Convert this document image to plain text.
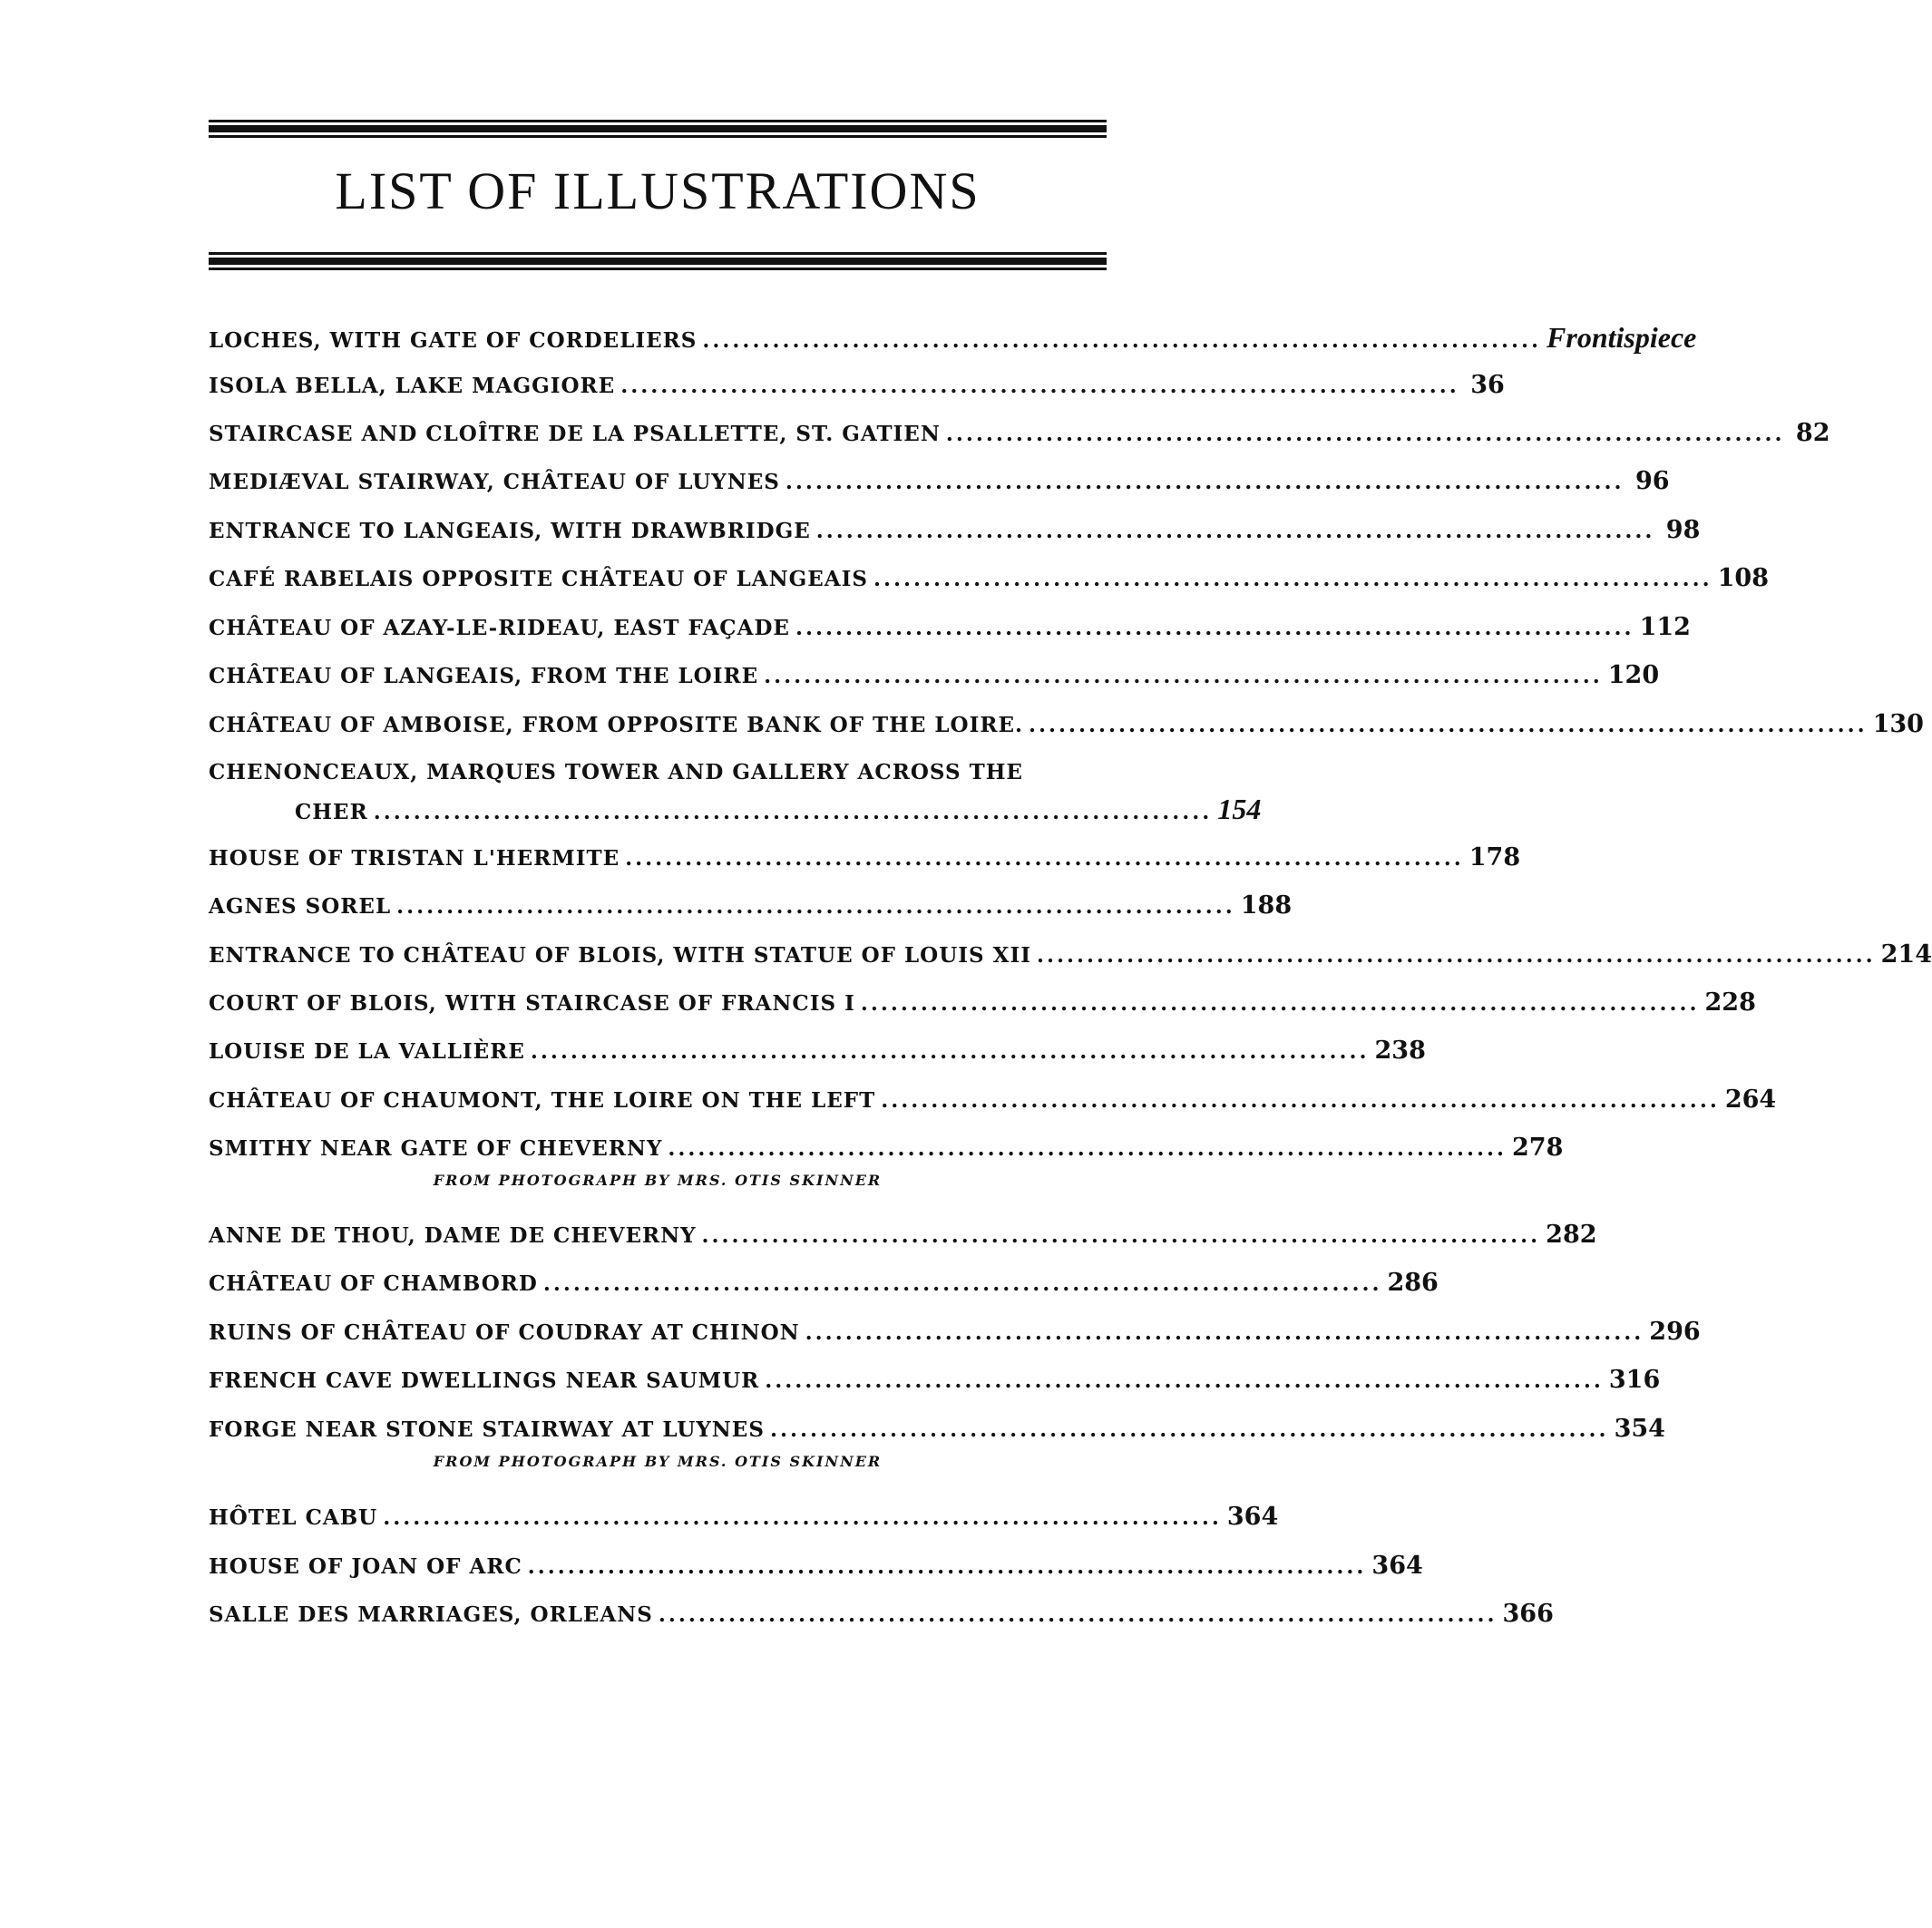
LIST OF ILLUSTRATIONS
LOCHES, WITH GATE OF CORDELIERS .................................................................................... Frontispiece
ISOLA BELLA, LAKE MAGGIORE .................................................................................... 36
STAIRCASE AND CLOÎTRE DE LA PSALLETTE, ST. GATIEN .................................................................................... 82
MEDIÆVAL STAIRWAY, CHÂTEAU OF LUYNES .................................................................................... 96
ENTRANCE TO LANGEAIS, WITH DRAWBRIDGE .................................................................................... 98
CAFÉ RABELAIS OPPOSITE CHÂTEAU OF LANGEAIS .................................................................................... 108
CHÂTEAU OF AZAY-LE-RIDEAU, EAST FAÇADE .................................................................................... 112
CHÂTEAU OF LANGEAIS, FROM THE LOIRE .................................................................................... 120
CHÂTEAU OF AMBOISE, FROM OPPOSITE BANK OF THE LOIRE. .................................................................................... 130
CHENONCEAUX, MARQUES TOWER AND GALLERY ACROSS THE
CHER .................................................................................... 154
HOUSE OF TRISTAN L'HERMITE .................................................................................... 178
AGNES SOREL .................................................................................... 188
ENTRANCE TO CHÂTEAU OF BLOIS, WITH STATUE OF LOUIS XII .................................................................................... 214
COURT OF BLOIS, WITH STAIRCASE OF FRANCIS I .................................................................................... 228
LOUISE DE LA VALLIÈRE .................................................................................... 238
CHÂTEAU OF CHAUMONT, THE LOIRE ON THE LEFT .................................................................................... 264
SMITHY NEAR GATE OF CHEVERNY .................................................................................... 278
FROM PHOTOGRAPH BY MRS. OTIS SKINNER
ANNE DE THOU, DAME DE CHEVERNY .................................................................................... 282
CHÂTEAU OF CHAMBORD .................................................................................... 286
RUINS OF CHÂTEAU OF COUDRAY AT CHINON .................................................................................... 296
FRENCH CAVE DWELLINGS NEAR SAUMUR .................................................................................... 316
FORGE NEAR STONE STAIRWAY AT LUYNES .................................................................................... 354
FROM PHOTOGRAPH BY MRS. OTIS SKINNER
HÔTEL CABU .................................................................................... 364
HOUSE OF JOAN OF ARC .................................................................................... 364
SALLE DES MARRIAGES, ORLEANS .................................................................................... 366
